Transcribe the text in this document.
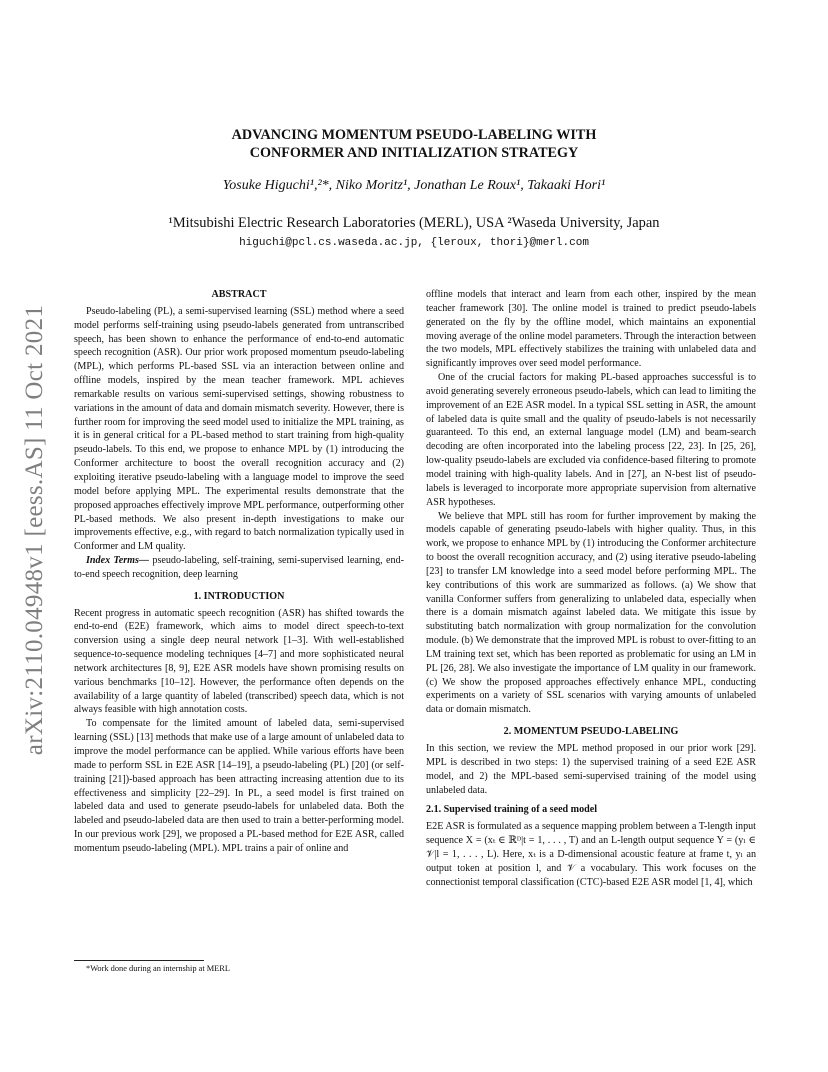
arXiv:2110.04948v1 [eess.AS] 11 Oct 2021
ADVANCING MOMENTUM PSEUDO-LABELING WITH
CONFORMER AND INITIALIZATION STRATEGY
Yosuke Higuchi¹,²*, Niko Moritz¹, Jonathan Le Roux¹, Takaaki Hori¹
¹Mitsubishi Electric Research Laboratories (MERL), USA ²Waseda University, Japan
higuchi@pcl.cs.waseda.ac.jp, {leroux, thori}@merl.com
ABSTRACT

Pseudo-labeling (PL), a semi-supervised learning (SSL) method where a seed model performs self-training using pseudo-labels generated from untranscribed speech, has been shown to enhance the performance of end-to-end automatic speech recognition (ASR). Our prior work proposed momentum pseudo-labeling (MPL), which performs PL-based SSL via an interaction between online and offline models, inspired by the mean teacher framework. MPL achieves remarkable results on various semi-supervised settings, showing robustness to variations in the amount of data and domain mismatch severity. However, there is further room for improving the seed model used to initialize the MPL training, as it is in general critical for a PL-based method to start training from high-quality pseudo-labels. To this end, we propose to enhance MPL by (1) introducing the Conformer architecture to boost the overall recognition accuracy and (2) exploiting iterative pseudo-labeling with a language model to improve the seed model before applying MPL. The experimental results demonstrate that the proposed approaches effectively improve MPL performance, outperforming other PL-based methods. We also present in-depth investigations to make our improvements effective, e.g., with regard to batch normalization typically used in Conformer and LM quality.

Index Terms— pseudo-labeling, self-training, semi-supervised learning, end-to-end speech recognition, deep learning

1. INTRODUCTION

Recent progress in automatic speech recognition (ASR) has shifted towards the end-to-end (E2E) framework, which aims to model direct speech-to-text conversion using a single deep neural network [1–3]. With well-established sequence-to-sequence modeling techniques [4–7] and more sophisticated neural network architectures [8, 9], E2E ASR models have shown promising results on various benchmarks [10–12]. However, the performance often depends on the availability of a large quantity of labeled (transcribed) speech data, which is not always feasible with high annotation costs.

To compensate for the limited amount of labeled data, semi-supervised learning (SSL) [13] methods that make use of a large amount of unlabeled data to improve the model performance can be applied. While various efforts have been made to perform SSL in E2E ASR [14–19], a pseudo-labeling (PL) [20] (or self-training [21])-based approach has been attracting increasing attention due to its effectiveness and simplicity [22–29]. In PL, a seed model is first trained on labeled data and used to generate pseudo-labels for unlabeled data. Both the labeled and pseudo-labeled data are then used to train a better-performing model. In our previous work [29], we proposed a PL-based method for E2E ASR, called momentum pseudo-labeling (MPL). MPL trains a pair of online and

*Work done during an internship at MERL

offline models that interact and learn from each other, inspired by the mean teacher framework [30]. The online model is trained to predict pseudo-labels generated on the fly by the offline model, which maintains an exponential moving average of the online model parameters. Through the interaction between the two models, MPL effectively stabilizes the training with unlabeled data and significantly improves over seed model performance.

One of the crucial factors for making PL-based approaches successful is to avoid generating severely erroneous pseudo-labels, which can lead to limiting the improvement of an E2E ASR model. In a typical SSL setting in ASR, the amount of labeled data is quite small and the quality of pseudo-labels is not necessarily guaranteed. To this end, an external language model (LM) and beam-search decoding are often incorporated into the labeling process [22, 23]. In [25, 26], low-quality pseudo-labels are excluded via confidence-based filtering to promote model training with high-quality labels. And in [27], an N-best list of pseudo-labels is leveraged to incorporate more appropriate supervision from alternative ASR hypotheses.

We believe that MPL still has room for further improvement by making the models capable of generating pseudo-labels with higher quality. Thus, in this work, we propose to enhance MPL by (1) introducing the Conformer architecture to boost the overall recognition accuracy, and (2) using iterative pseudo-labeling [23] to transfer LM knowledge into a seed model before performing MPL. The key contributions of this work are summarized as follows. (a) We show that vanilla Conformer suffers from generalizing to unlabeled data, especially when there is a domain mismatch against labeled data. We mitigate this issue by substituting batch normalization with group normalization for the convolution module. (b) We demonstrate that the improved MPL is robust to over-fitting to an LM training text set, which has been reported as problematic for using an LM in PL [26, 28]. We also investigate the importance of LM quality in our framework. (c) We show the proposed approaches effectively enhance MPL, conducting experiments on a variety of SSL scenarios with varying amounts of unlabeled data or domain mismatch.

2. MOMENTUM PSEUDO-LABELING

In this section, we review the MPL method proposed in our prior work [29]. MPL is described in two steps: 1) the supervised training of a seed E2E ASR model, and 2) the MPL-based semi-supervised training of the model using unlabeled data.

2.1. Supervised training of a seed model

E2E ASR is formulated as a sequence mapping problem between a T-length input sequence X = (xₜ ∈ ℝᴰ|t = 1, . . . , T) and an L-length output sequence Y = (yₗ ∈ 𝒱|l = 1, . . . , L). Here, xₜ is a D-dimensional acoustic feature at frame t, yₗ an output token at position l, and 𝒱 a vocabulary. This work focuses on the connectionist temporal classification (CTC)-based E2E ASR model [1, 4], which
